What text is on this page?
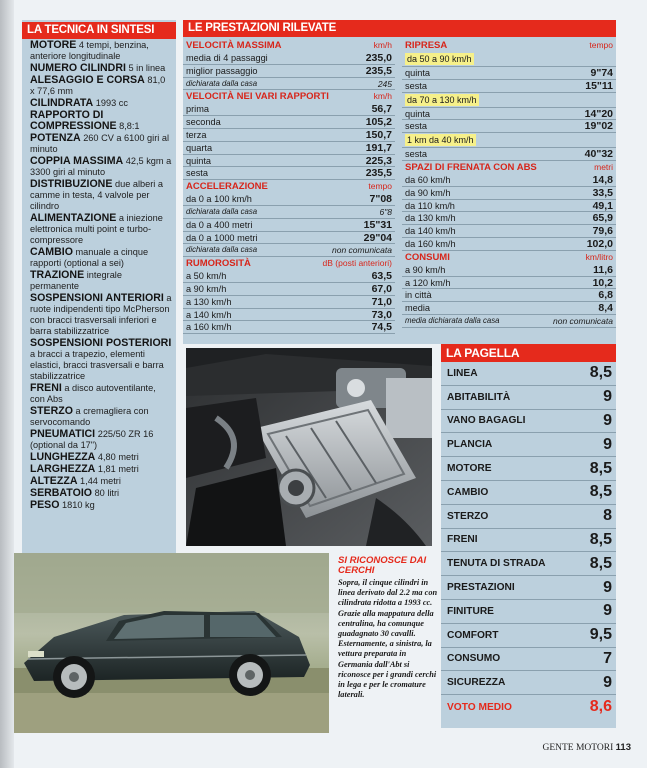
LA TECNICA IN SINTESI
MOTORE 4 tempi, benzina, anteriore longitudinale
NUMERO CILINDRI 5 in linea
ALESAGGIO E CORSA 81,0 x 77,6 mm
CILINDRATA 1993 cc
RAPPORTO DI COMPRESSIONE 8,8:1
POTENZA 260 CV a 6100 giri al minuto
COPPIA MASSIMA 42,5 kgm a 3300 giri al minuto
DISTRIBUZIONE due alberi a camme in testa, 4 valvole per cilindro
ALIMENTAZIONE a iniezione elettronica multi point e turbo-compressore
CAMBIO manuale a cinque rapporti (optional a sei)
TRAZIONE integrale permanente
SOSPENSIONI ANTERIORI a ruote indipendenti tipo McPherson con bracci trasversali inferiori e barra stabilizzatrice
SOSPENSIONI POSTERIORI a bracci a trapezio, elementi elastici, bracci trasversali e barra stabilizzatrice
FRENI a disco autoventilante, con Abs
STERZO a cremagliera con servocomando
PNEUMATICI 225/50 ZR 16 (optional da 17")
LUNGHEZZA 4,80 metri
LARGHEZZA 1,81 metri
ALTEZZA 1,44 metri
SERBATOIO 80 litri
PESO 1810 kg
LE PRESTAZIONI RILEVATE
VELOCITÀ MASSIMA	km/h
media di 4 passaggi	235,0
miglior passaggio	235,5
dichiarata dalla casa	245
VELOCITÀ NEI VARI RAPPORTI	km/h
prima	56,7
seconda	105,2
terza	150,7
quarta	191,7
quinta	225,3
sesta	235,5
ACCELERAZIONE	tempo
da 0 a 100 km/h	7"08
dichiarata dalla casa	6"8
da 0 a 400 metri	15"31
da 0 a 1000 metri	29"04
dichiarata dalla casa	non comunicata
RUMOROSITÀ	dB (posti anteriori)
a 50 km/h	63,5
a 90 km/h	67,0
a 130 km/h	71,0
a 140 km/h	73,0
a 160 km/h	74,5
RIPRESA	tempo
da 50 a 90 km/h
quinta	9"74
sesta	15"11
da 70 a 130 km/h
quinta	14"20
sesta	19"02
1 km da 40 km/h
sesta	40"32
SPAZI DI FRENATA CON ABS	metri
da 60 km/h	14,8
da 90 km/h	33,5
da 110 km/h	49,1
da 130 km/h	65,9
da 140 km/h	79,6
da 160 km/h	102,0
CONSUMI	km/litro
a 90 km/h	11,6
a 120 km/h	10,2
in città	6,8
media	8,4
media dichiarata dalla casa	non comunicata
LA PAGELLA
LINEA	8,5
ABITABILITÀ	9
VANO BAGAGLI	9
PLANCIA	9
MOTORE	8,5
CAMBIO	8,5
STERZO	8
FRENI	8,5
TENUTA DI STRADA	8,5
PRESTAZIONI	9
FINITURE	9
COMFORT	9,5
CONSUMO	7
SICUREZZA	9
VOTO MEDIO	8,6
SI RICONOSCE DAI CERCHI
Sopra, il cinque cilindri in linea derivato dal 2.2 ma con cilindrata ridotta a 1993 cc. Grazie alla mappatura della centralina, ha comunque guadagnato 30 cavalli. Esternamente, a sinistra, la vettura preparata in Germania dall'Abt si riconosce per i grandi cerchi in lega e per le cromature laterali.
GENTE MOTORI 113
